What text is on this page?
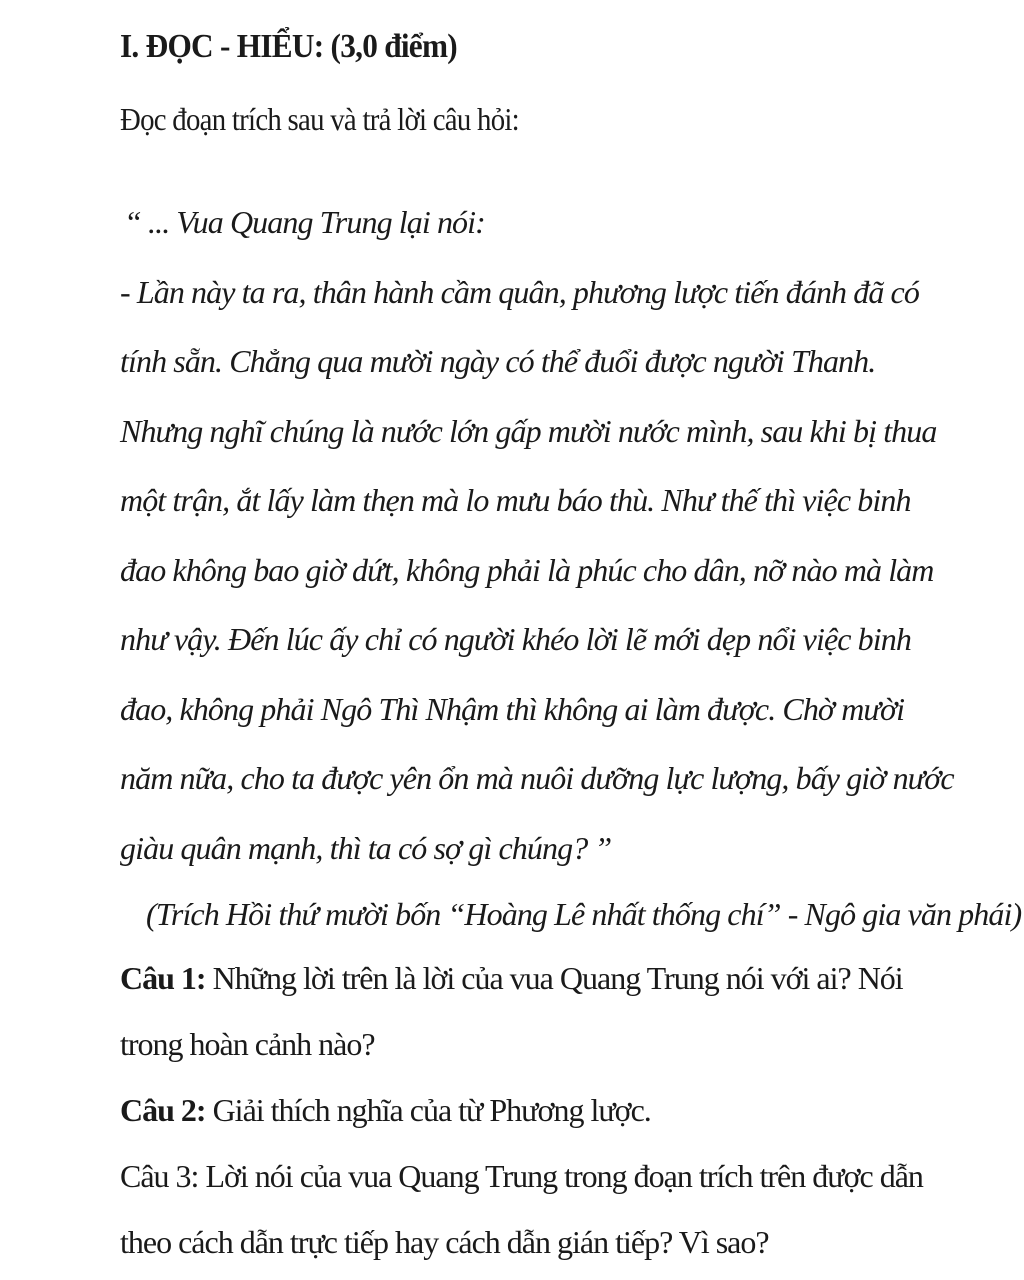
I. ĐỌC - HIỂU: (3,0 điểm)

Đọc đoạn trích sau và trả lời câu hỏi:

“ ... Vua Quang Trung lại nói:

- Lần này ta ra, thân hành cầm quân, phương lược tiến đánh đã có tính sẵn. Chẳng qua mười ngày có thể đuổi được người Thanh. Nhưng nghĩ chúng là nước lớn gấp mười nước mình, sau khi bị thua một trận, ắt lấy làm thẹn mà lo mưu báo thù. Như thế thì việc binh đao không bao giờ dứt, không phải là phúc cho dân, nỡ nào mà làm như vậy. Đến lúc ấy chỉ có người khéo lời lẽ mới dẹp nổi việc binh đao, không phải Ngô Thì Nhậm thì không ai làm được. Chờ mười năm nữa, cho ta được yên ổn mà nuôi dưỡng lực lượng, bấy giờ nước giàu quân mạnh, thì ta có sợ gì chúng? ”

(Trích Hồi thứ mười bốn “Hoàng Lê nhất thống chí” - Ngô gia văn phái)

Câu 1: Những lời trên là lời của vua Quang Trung nói với ai? Nói trong hoàn cảnh nào?

Câu 2: Giải thích nghĩa của từ Phương lược.

Câu 3: Lời nói của vua Quang Trung trong đoạn trích trên được dẫn theo cách dẫn trực tiếp hay cách dẫn gián tiếp? Vì sao?
